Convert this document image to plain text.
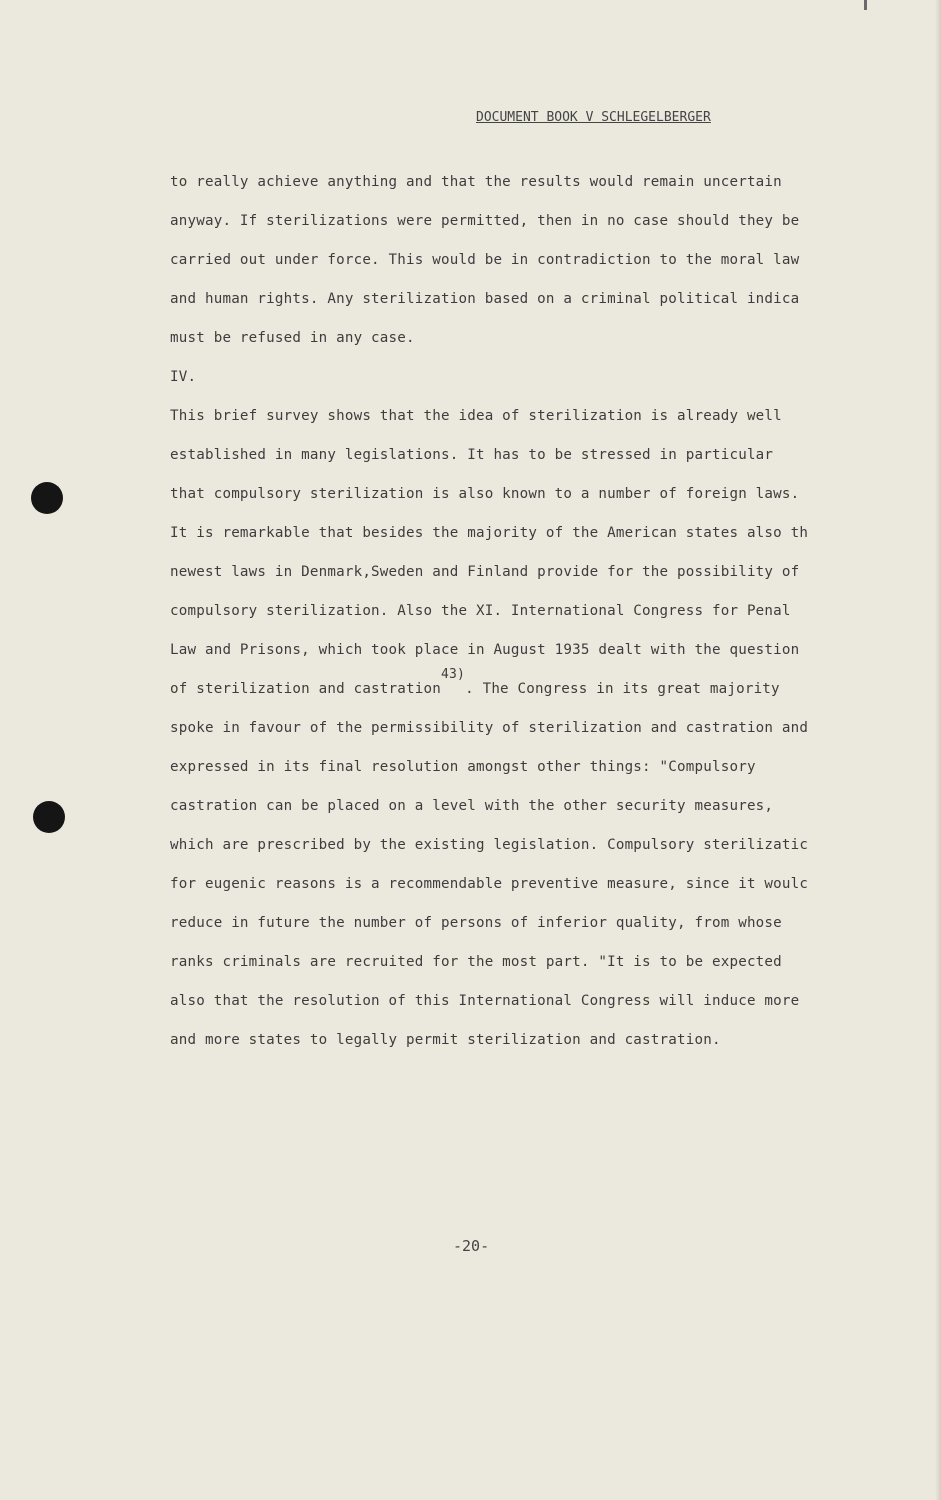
DOCUMENT BOOK V SCHLEGELBERGER
to really achieve anything and that the results would remain uncertain
anyway. If sterilizations were permitted, then in no case should they be
carried out under force. This would be in contradiction to the moral law
and human rights. Any sterilization based on a criminal political indica
must be refused in any case.
IV.
This brief survey shows that the idea of sterilization is already well
established in many legislations. It has to be stressed in particular
that compulsory sterilization is also known to a number of foreign laws.
It is remarkable that besides the majority of the American states also th
newest laws in Denmark,Sweden and Finland provide for the possibility of
compulsory sterilization. Also the XI. International Congress for Penal
Law and Prisons, which took place in August 1935 dealt with the question
of sterilization and castration43). The Congress in its great majority
spoke in favour of the permissibility of sterilization and castration and
expressed in its final resolution amongst other things: "Compulsory
castration can be placed on a level with the other security measures,
which are prescribed by the existing legislation. Compulsory sterilizatic
for eugenic reasons is a recommendable preventive measure, since it woulc
reduce in future the number of persons of inferior quality, from whose
ranks criminals are recruited for the most part. "It is to be expected
also that the resolution of this International Congress will induce more
and more states to legally permit sterilization and castration.
-20-
